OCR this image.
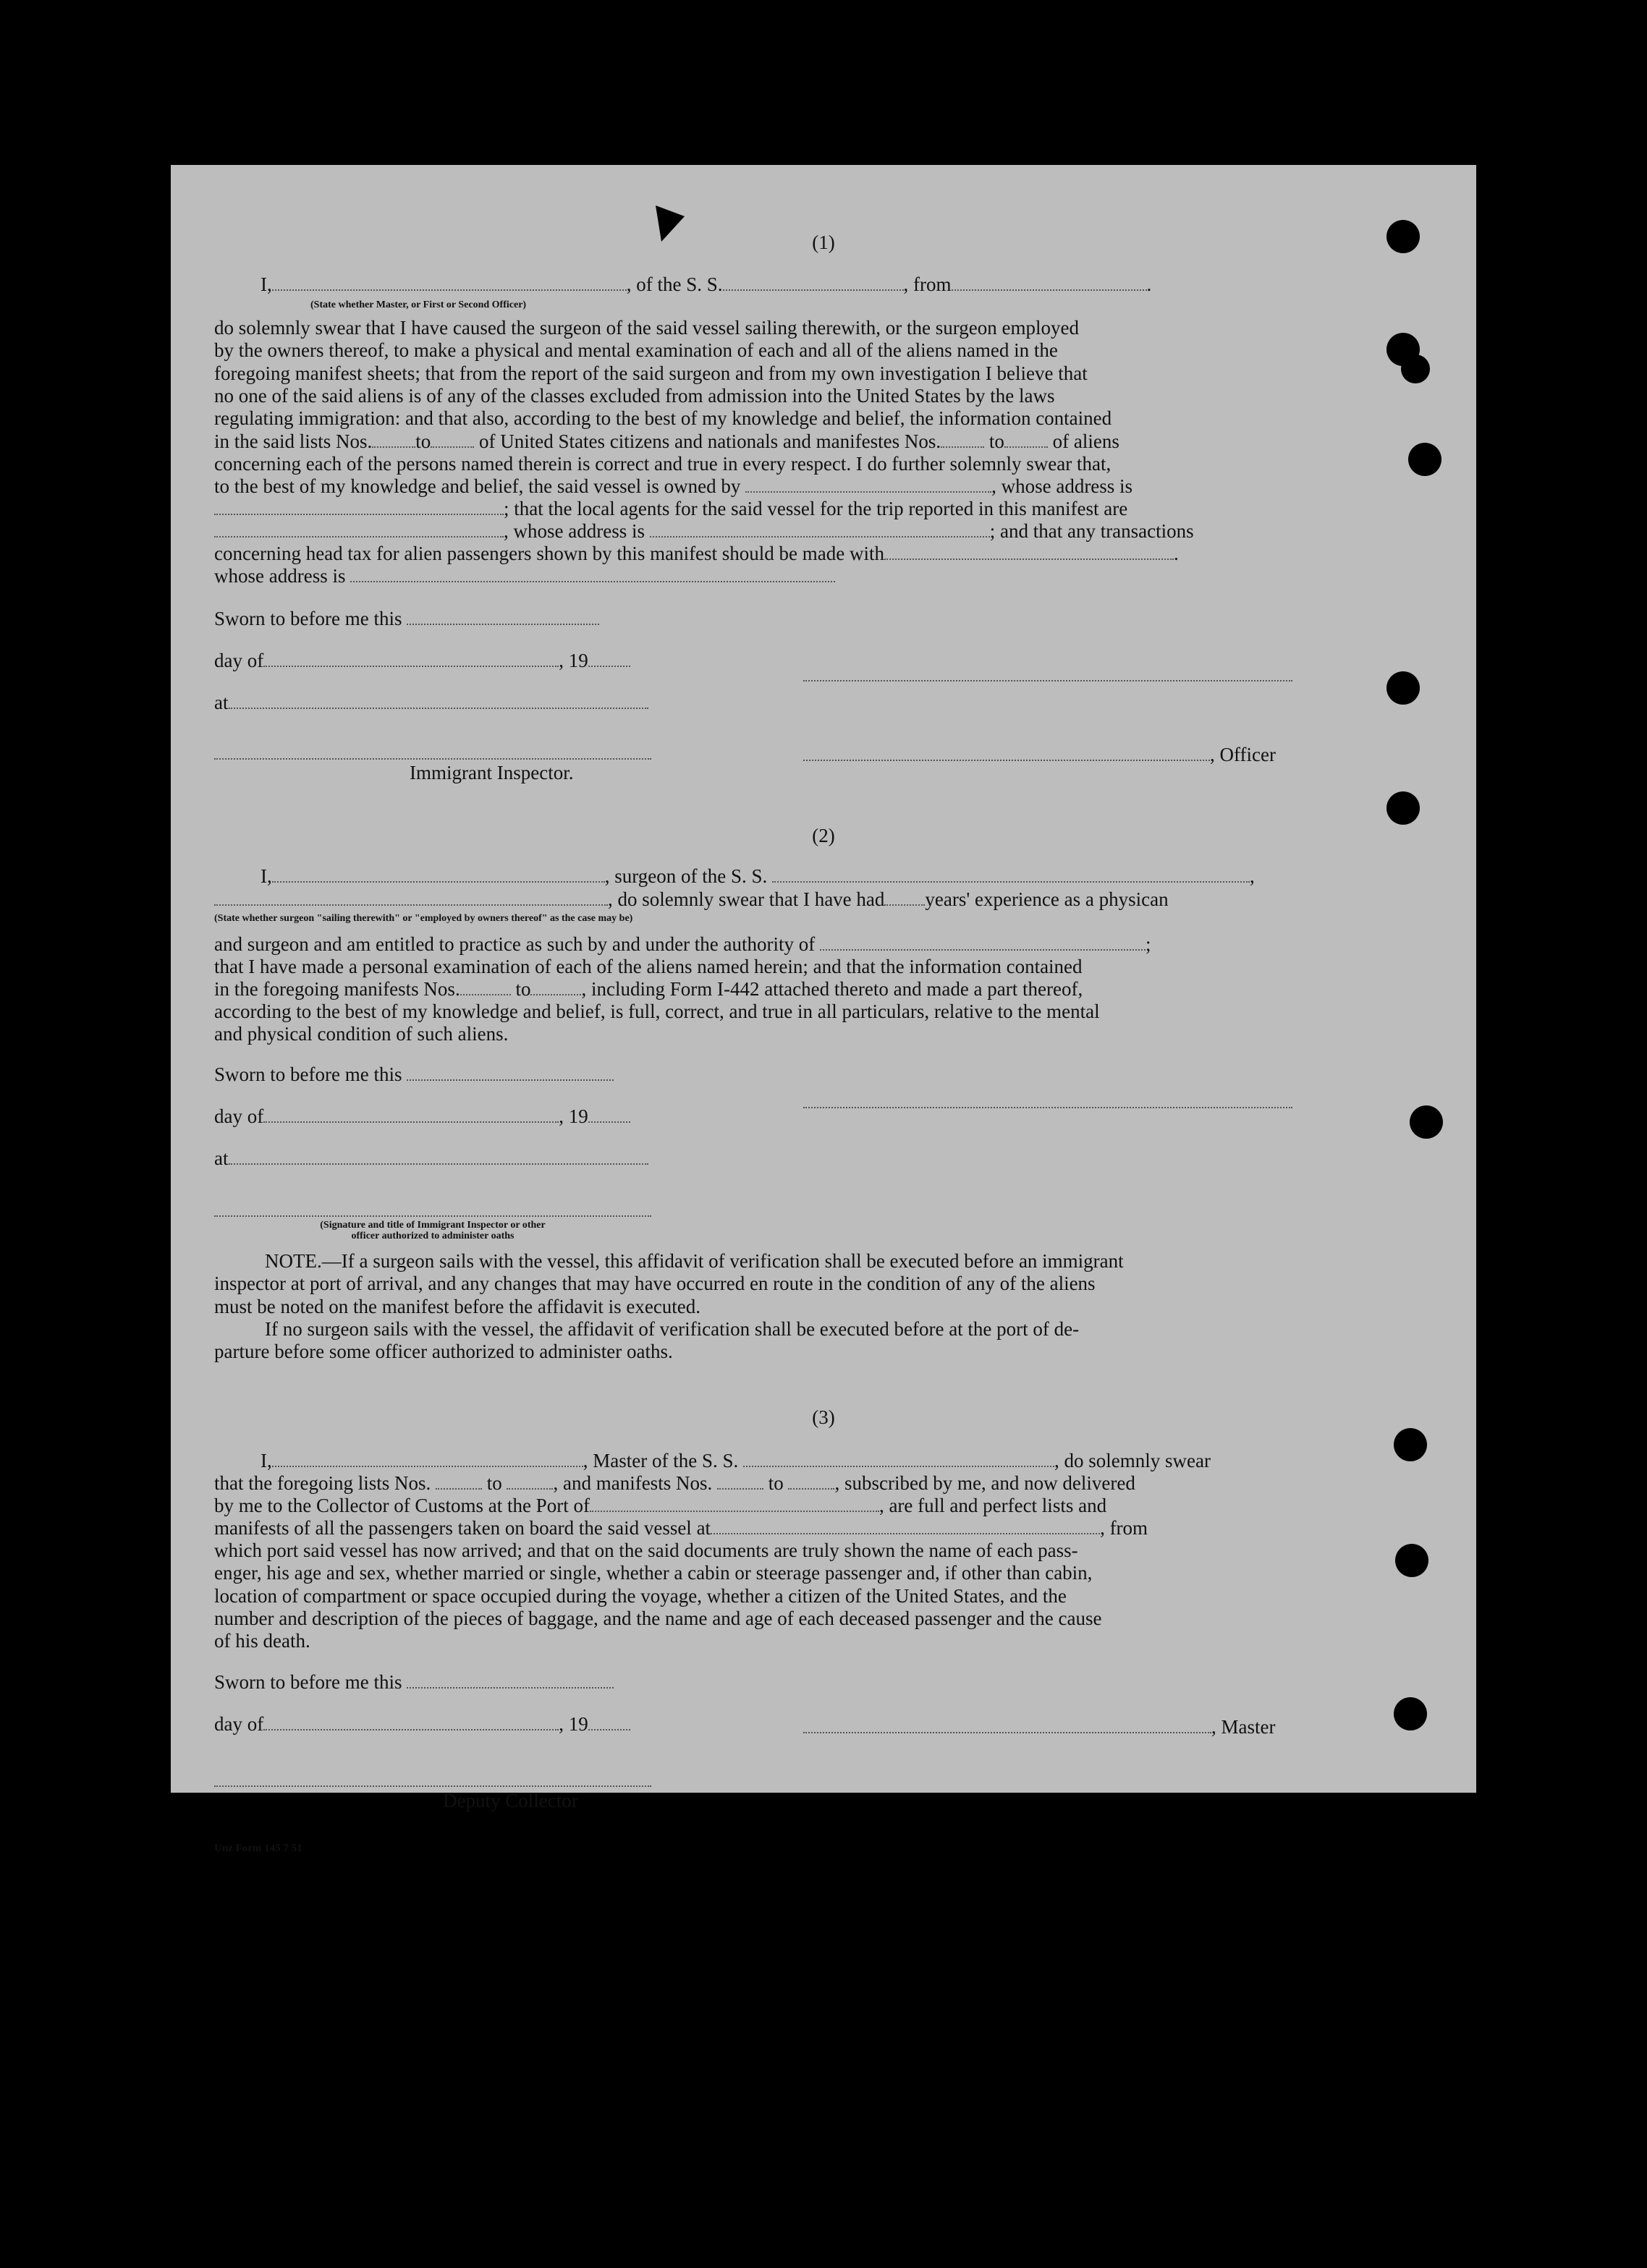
(1)
I,	, of the S. S.	, from	.
(State whether Master, or First or Second Officer)
do solemnly swear that I have caused the surgeon of the said vessel sailing therewith, or the surgeon employed
by the owners thereof, to make a physical and mental examination of each and all of the aliens named in the
foregoing manifest sheets; that from the report of the said surgeon and from my own investigation I believe that
no one of the said aliens is of any of the classes excluded from admission into the United States by the laws
regulating immigration: and that also, according to the best of my knowledge and belief, the information contained
in the said lists Nos. to of United States citizens and nationals and manifestes Nos. to of aliens
concerning each of the persons named therein is correct and true in every respect. I do further solemnly swear that,
to the best of my knowledge and belief, the said vessel is owned by	, whose address is
; that the local agents for the said vessel for the trip reported in this manifest are
, whose address is	; and that any transactions
concerning head tax for alien passengers shown by this manifest should be made with	.
whose address is
Sworn to before me this
day of	, 19
at
, Officer
Immigrant Inspector.
(2)
I,	, surgeon of the S. S.	,
, do solemnly swear that I have had years' experience as a physican
(State whether surgeon "sailing therewith" or "employed by owners thereof" as the case may be)
and surgeon and am entitled to practice as such by and under the authority of	;
that I have made a personal examination of each of the aliens named herein; and that the information contained
in the foregoing manifests Nos.	to	, including Form I-442 attached thereto and made a part thereof,
according to the best of my knowledge and belief, is full, correct, and true in all particulars, relative to the mental
and physical condition of such aliens.
Sworn to before me this
day of	, 19
at
(Signature and title of Immigrant Inspector or other
officer authorized to administer oaths
NOTE.—If a surgeon sails with the vessel, this affidavit of verification shall be executed before an immigrant
inspector at port of arrival, and any changes that may have occurred en route in the condition of any of the aliens
must be noted on the manifest before the affidavit is executed.
If no surgeon sails with the vessel, the affidavit of verification shall be executed before at the port of de-
parture before some officer authorized to administer oaths.
(3)
I,	, Master of the S. S.	, do solemnly swear
that the foregoing lists Nos.	to	, and manifests Nos.	to	, subscribed by me, and now delivered
by me to the Collector of Customs at the Port of	, are full and perfect lists and
manifests of all the passengers taken on board the said vessel at	, from
which port said vessel has now arrived; and that on the said documents are truly shown the name of each pass-
enger, his age and sex, whether married or single, whether a cabin or steerage passenger and, if other than cabin,
location of compartment or space occupied during the voyage, whether a citizen of the United States, and the
number and description of the pieces of baggage, and the name and age of each deceased passenger and the cause
of his death.
Sworn to before me this
day of	, 19	, Master
Deputy Collector
Unz Form 145 7 51
